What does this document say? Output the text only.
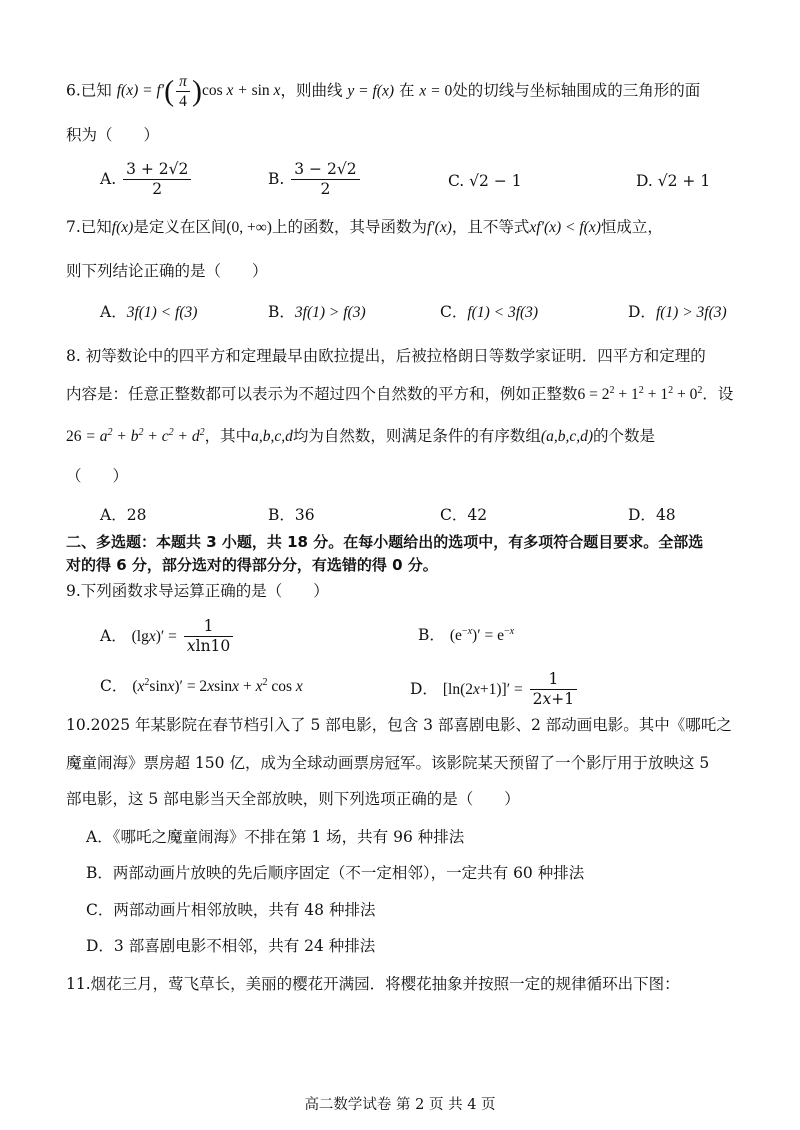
6.已知 $f(x) = f'( \frac{\pi}{4} )\cos$ x + sin x，则曲线 y = f(x) 在 x = 0处的切线与坐标轴围成的三角形的面
积为（　　）
A. $\frac{3 + 2√2}{2}$	B. $\frac{3 - 2√2}{2}$	C. √2 − 1	D. √2 + 1
7.已知f(x)是定义在区间(0, +∞)上的函数，其导函数为f′(x)，且不等式xf′(x) < f(x)恒成立，
则下列结论正确的是（　　）
A．3f(1) < f(3)	B．3f(1) > f(3)	C．f(1) < 3f(3)	D．f(1) > 3f(3)
8. 初等数论中的四平方和定理最早由欧拉提出，后被拉格朗日等数学家证明．四平方和定理的
内容是：任意正整数都可以表示为不超过四个自然数的平方和，例如正整数$6 = 2^2 + 1^2 + 1^2 + 0^2$．设
$26 = a^2 + b^2 + c^2 + d^2$，其中a,b,c,d均为自然数，则满足条件的有序数组(a,b,c,d)的个数是
（　　）
A．28	B．36	C．42	D．48
二、多选题：本题共 3 小题，共 18 分。在每小题给出的选项中，有多项符合题目要求。全部选
对的得 6 分，部分选对的得部分分，有选错的得 0 分。
9.下列函数求导运算正确的是（　　）
A． $(\lg x)' = \frac{1}{xln10}$	B． $(e^{-x})' = e^{-x}$
C． $(x^2\sin x)' = 2xsinx + x^2$ cos x	D． $[\ln(2x+1)]' = \frac{1}{2x+1}$
10.2025 年某影院在春节档引入了 5 部电影，包含 3 部喜剧电影、2 部动画电影。其中《哪吒之
魔童闹海》票房超 150 亿，成为全球动画票房冠军。该影院某天预留了一个影厅用于放映这 5
部电影，这 5 部电影当天全部放映，则下列选项正确的是（　　）
A．《哪吒之魔童闹海》不排在第 1 场，共有 96 种排法
B．两部动画片放映的先后顺序固定（不一定相邻），一定共有 60 种排法
C．两部动画片相邻放映，共有 48 种排法
D．3 部喜剧电影不相邻，共有 24 种排法
11.烟花三月，莺飞草长，美丽的樱花开满园．将樱花抽象并按照一定的规律循环出下图：
高二数学试卷 第 2 页 共 4 页
